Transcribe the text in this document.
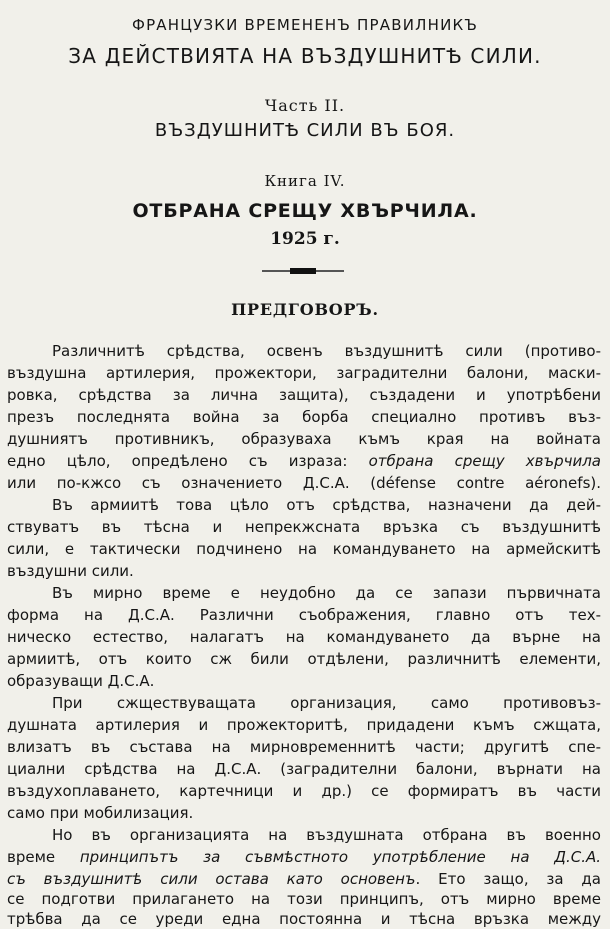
ФРАНЦУЗКИ ВРЕМЕНЕНЪ ПРАВИЛНИКЪ
ЗА ДЕЙСТВИЯТА НА ВЪЗДУШНИТѢ СИЛИ.
Часть II.
ВЪЗДУШНИТѢ СИЛИ ВЪ БОЯ.
Книга IV.
ОТБРАНА СРЕЩУ ХВЪРЧИЛА.
1925 г.
ПРЕДГОВОРЪ.
Различнитѣ срѣдства, освенъ въздушнитѣ сили (противо-
въздушна артилерия, прожектори, заградителни балони, маски-
ровка, срѣдства за лична защита), създадени и употрѣбени
презъ последнята война за борба специално противъ въз-
душниятъ противникъ, образуваха къмъ края на войната
едно цѣло, опредѣлено съ израза: отбрана срещу хвърчила
или по-кжсо съ означението Д.С.А. (défense contre aéronefs).
Въ армиитѣ това цѣло отъ срѣдства, назначени да дей-
ствуватъ въ тѣсна и непрекжсната връзка съ въздушнитѣ
сили, е тактически подчинено на командуването на армейскитѣ
въздушни сили.
Въ мирно време е неудобно да се запази първичната
форма на Д.С.А. Различни съображения, главно отъ тех-
ническо естество, налагатъ на командуването да върне на
армиитѣ, отъ които сж били отдѣлени, различнитѣ елементи,
образуващи Д.С.А.
При сжществуващата организация, само противовъз-
душната артилерия и прожекторитѣ, придадени къмъ сжщата,
влизатъ въ състава на мирновременнитѣ части; другитѣ спе-
циални срѣдства на Д.С.А. (заградителни балони, върнати на
въздухоплаването, картечници и др.) се формиратъ въ части
само при мобилизация.
Но въ организацията на въздушната отбрана въ военно
време принципътъ за съвмѣстното употрѣбление на Д.С.А.
съ въздушнитѣ сили остава като основенъ. Ето защо, за да
се подготви прилагането на този принципъ, отъ мирно време
трѣбва да се уреди една постоянна и тѣсна връзка между
